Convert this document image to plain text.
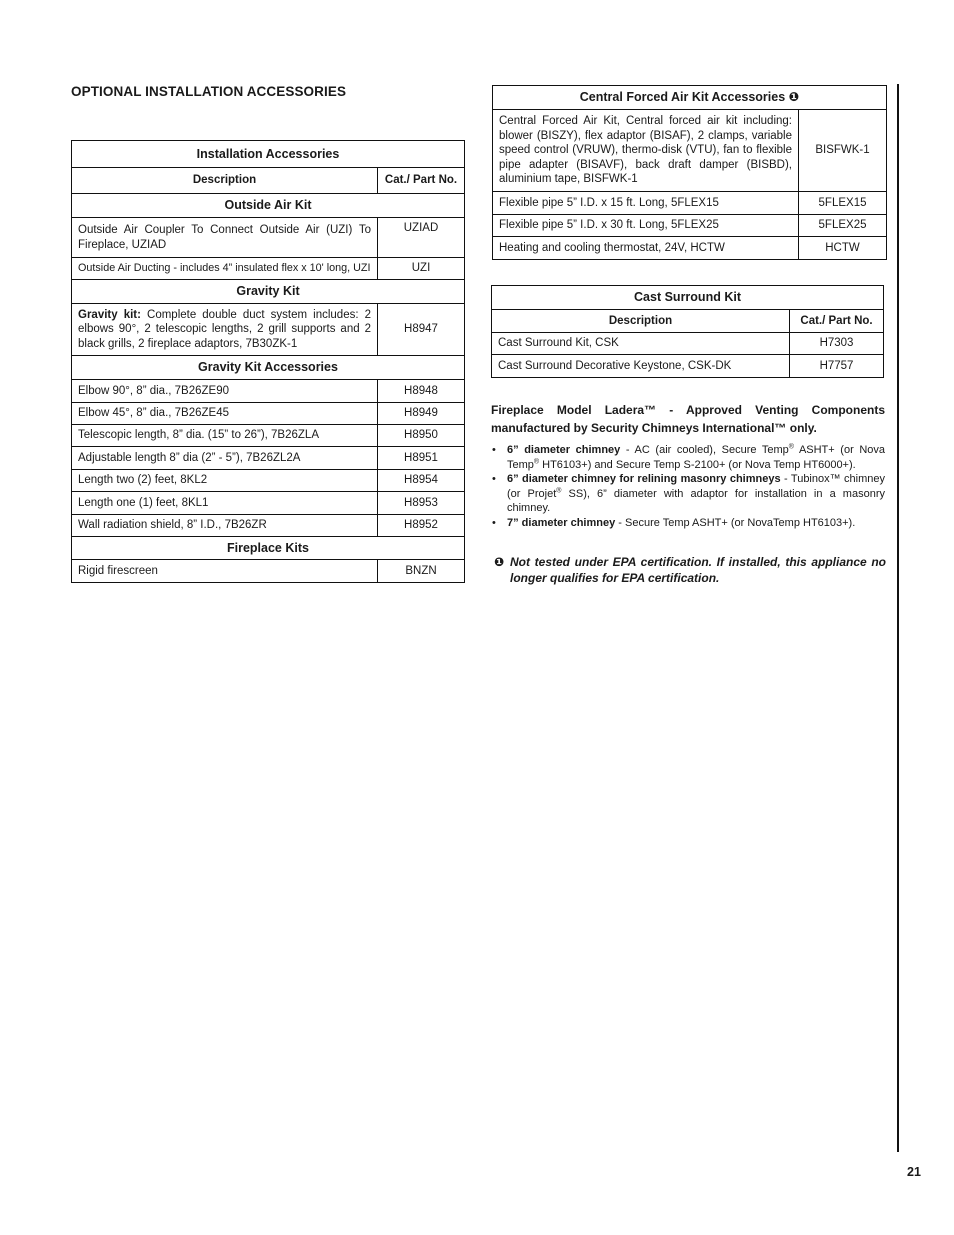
OPTIONAL INSTALLATION ACCESSORIES
Installation Accessories	
Description	Cat./ Part No.
Outside Air Kit	
Outside Air Coupler To Connect Outside Air (UZI) To Fireplace, UZIAD	UZIAD
Outside Air Ducting - includes 4” insulated flex x 10' long, UZI	UZI
Gravity Kit	
Gravity kit: Complete double duct system includes: 2 elbows 90°, 2 telescopic lengths, 2 grill supports and 2 black grills, 2 fireplace adaptors, 7B30ZK-1	H8947
Gravity Kit Accessories	
Elbow 90°, 8” dia., 7B26ZE90	H8948
Elbow 45°, 8” dia., 7B26ZE45	H8949
Telescopic length, 8” dia. (15” to 26”), 7B26ZLA	H8950
Adjustable length 8” dia (2” - 5”), 7B26ZL2A	H8951
Length two (2) feet, 8KL2	H8954
Length one (1) feet, 8KL1	H8953
Wall radiation shield, 8” I.D., 7B26ZR	H8952
Fireplace Kits	
Rigid firescreen	BNZN
Central Forced Air Kit Accessories ❶	
Central Forced Air Kit, Central forced air kit including: blower (BISZY), flex adaptor (BISAF), 2 clamps, variable speed control (VRUW), thermo-disk (VTU), fan to flexible pipe adapter (BISAVF), back draft damper (BISBD), aluminium tape, BISFWK-1	BISFWK-1
Flexible pipe 5” I.D. x 15 ft. Long, 5FLEX15	5FLEX15
Flexible pipe 5” I.D. x 30 ft. Long, 5FLEX25	5FLEX25
Heating and cooling thermostat, 24V, HCTW	HCTW
Cast Surround Kit	
Description	Cat./ Part No.
Cast Surround Kit, CSK	H7303
Cast Surround Decorative Keystone, CSK-DK	H7757
Fireplace Model Ladera™ - Approved Venting Components manufactured by Security Chimneys International™ only.
• 6” diameter chimney - AC (air cooled), Secure Temp® ASHT+ (or Nova Temp® HT6103+) and Secure Temp S-2100+ (or Nova Temp HT6000+).
• 6” diameter chimney for relining masonry chimneys - Tubinox™ chimney (or Projet® SS), 6” diameter with adaptor for installation in a masonry chimney.
• 7” diameter chimney - Secure Temp ASHT+ (or NovaTemp HT6103+).
❶ Not tested under EPA certification. If installed, this appliance no longer qualifies for EPA certification.
21
